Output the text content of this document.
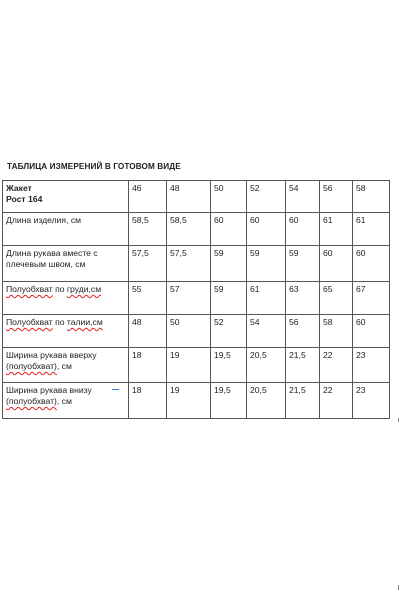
ТАБЛИЦА ИЗМЕРЕНИЙ В ГОТОВОМ ВИДЕ
Жакет
Рост 164	46	48	50	52	54	56	58
Длина изделия, см	58,5	58,5	60	60	60	61	61
Длина рукава вместе с плечевым швом, см	57,5	57,5	59	59	59	60	60
Полуобхват по груди,см	55	57	59	61	63	65	67
Полуобхват по талии,см	48	50	52	54	56	58	60
Ширина рукава вверху (полуобхват), см	18	19	19,5	20,5	21,5	22	23
Ширина рукава внизу (полуобхват), см	18	19	19,5	20,5	21,5	22	23
